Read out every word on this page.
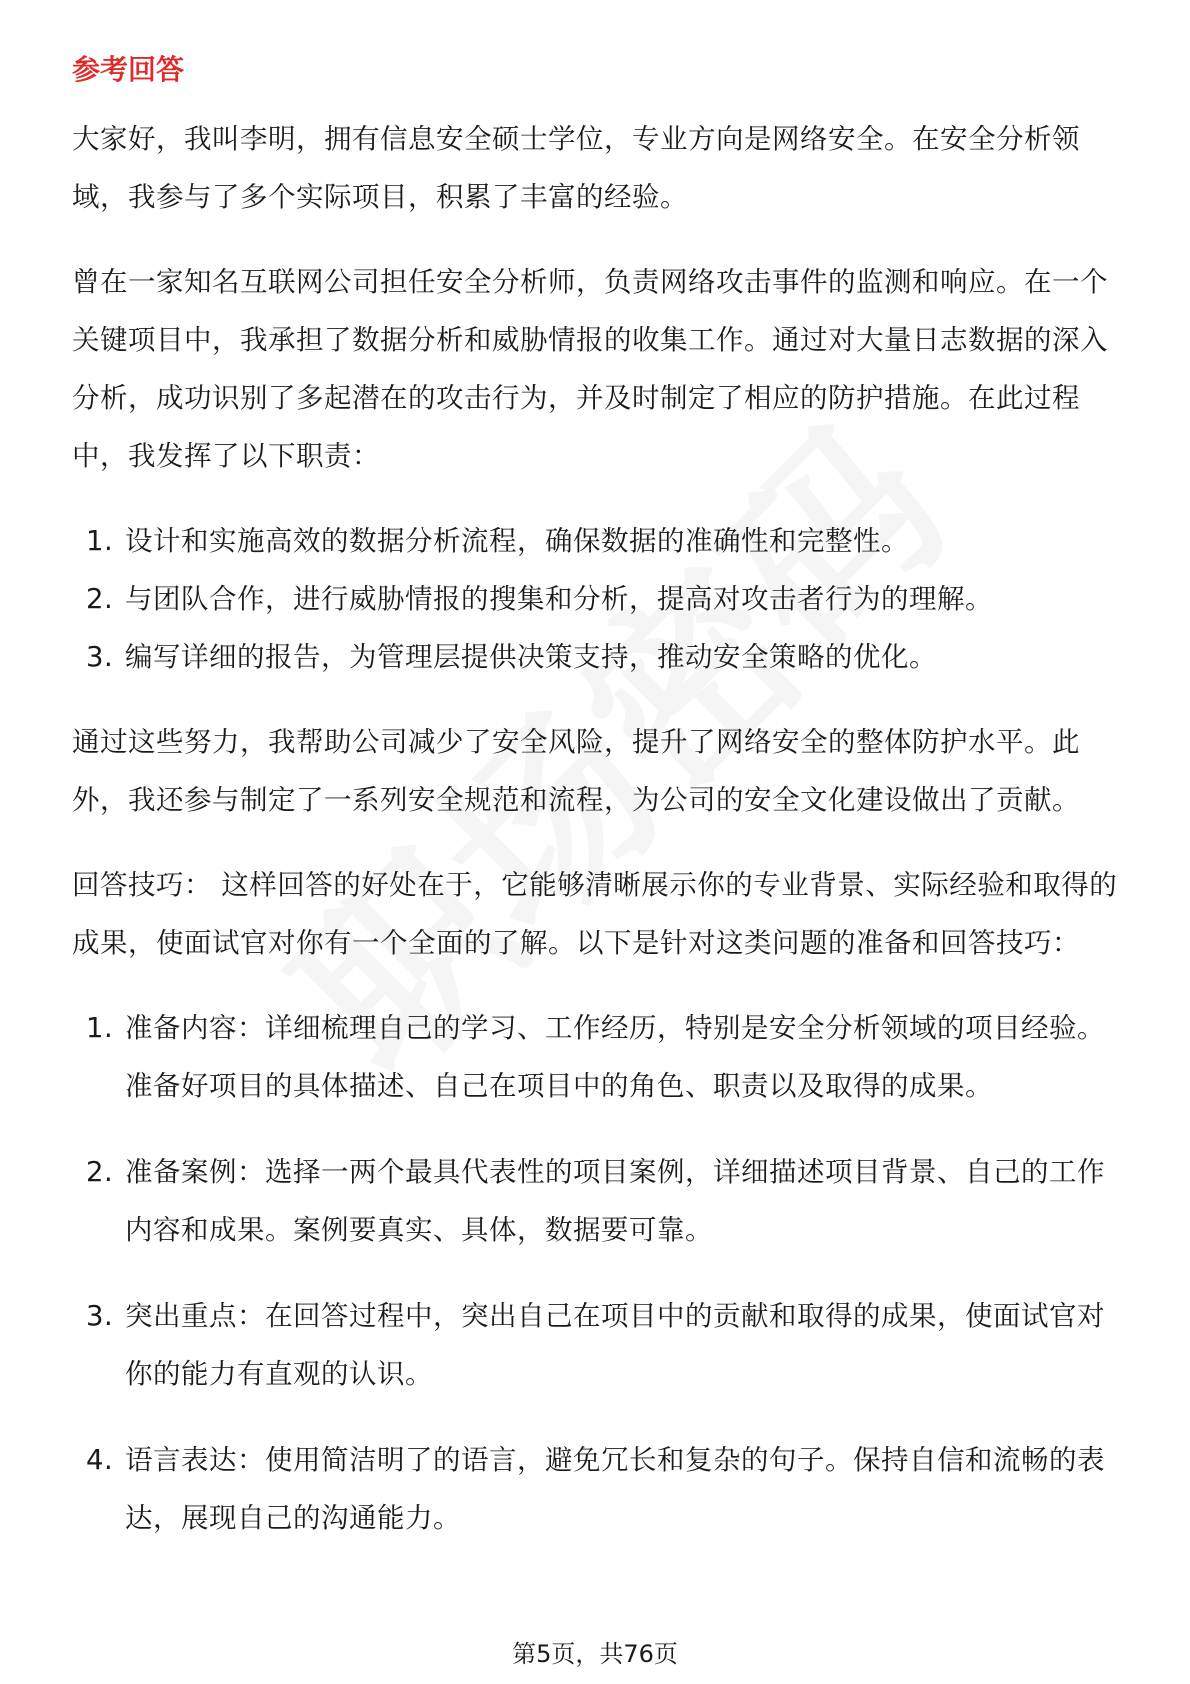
参考回答

大家好，我叫李明，拥有信息安全硕士学位，专业方向是网络安全。在安全分析领域，我参与了多个实际项目，积累了丰富的经验。

曾在一家知名互联网公司担任安全分析师，负责网络攻击事件的监测和响应。在一个关键项目中，我承担了数据分析和威胁情报的收集工作。通过对大量日志数据的深入分析，成功识别了多起潜在的攻击行为，并及时制定了相应的防护措施。在此过程中，我发挥了以下职责：

1. 设计和实施高效的数据分析流程，确保数据的准确性和完整性。
2. 与团队合作，进行威胁情报的搜集和分析，提高对攻击者行为的理解。
3. 编写详细的报告，为管理层提供决策支持，推动安全策略的优化。

通过这些努力，我帮助公司减少了安全风险，提升了网络安全的整体防护水平。此外，我还参与制定了一系列安全规范和流程，为公司的安全文化建设做出了贡献。

回答技巧： 这样回答的好处在于，它能够清晰展示你的专业背景、实际经验和取得的成果，使面试官对你有一个全面的了解。以下是针对这类问题的准备和回答技巧：

1. 准备内容：详细梳理自己的学习、工作经历，特别是安全分析领域的项目经验。准备好项目的具体描述、自己在项目中的角色、职责以及取得的成果。
2. 准备案例：选择一两个最具代表性的项目案例，详细描述项目背景、自己的工作内容和成果。案例要真实、具体，数据要可靠。
3. 突出重点：在回答过程中，突出自己在项目中的贡献和取得的成果，使面试官对你的能力有直观的认识。
4. 语言表达：使用简洁明了的语言，避免冗长和复杂的句子。保持自信和流畅的表达，展现自己的沟通能力。
第5页，共76页
